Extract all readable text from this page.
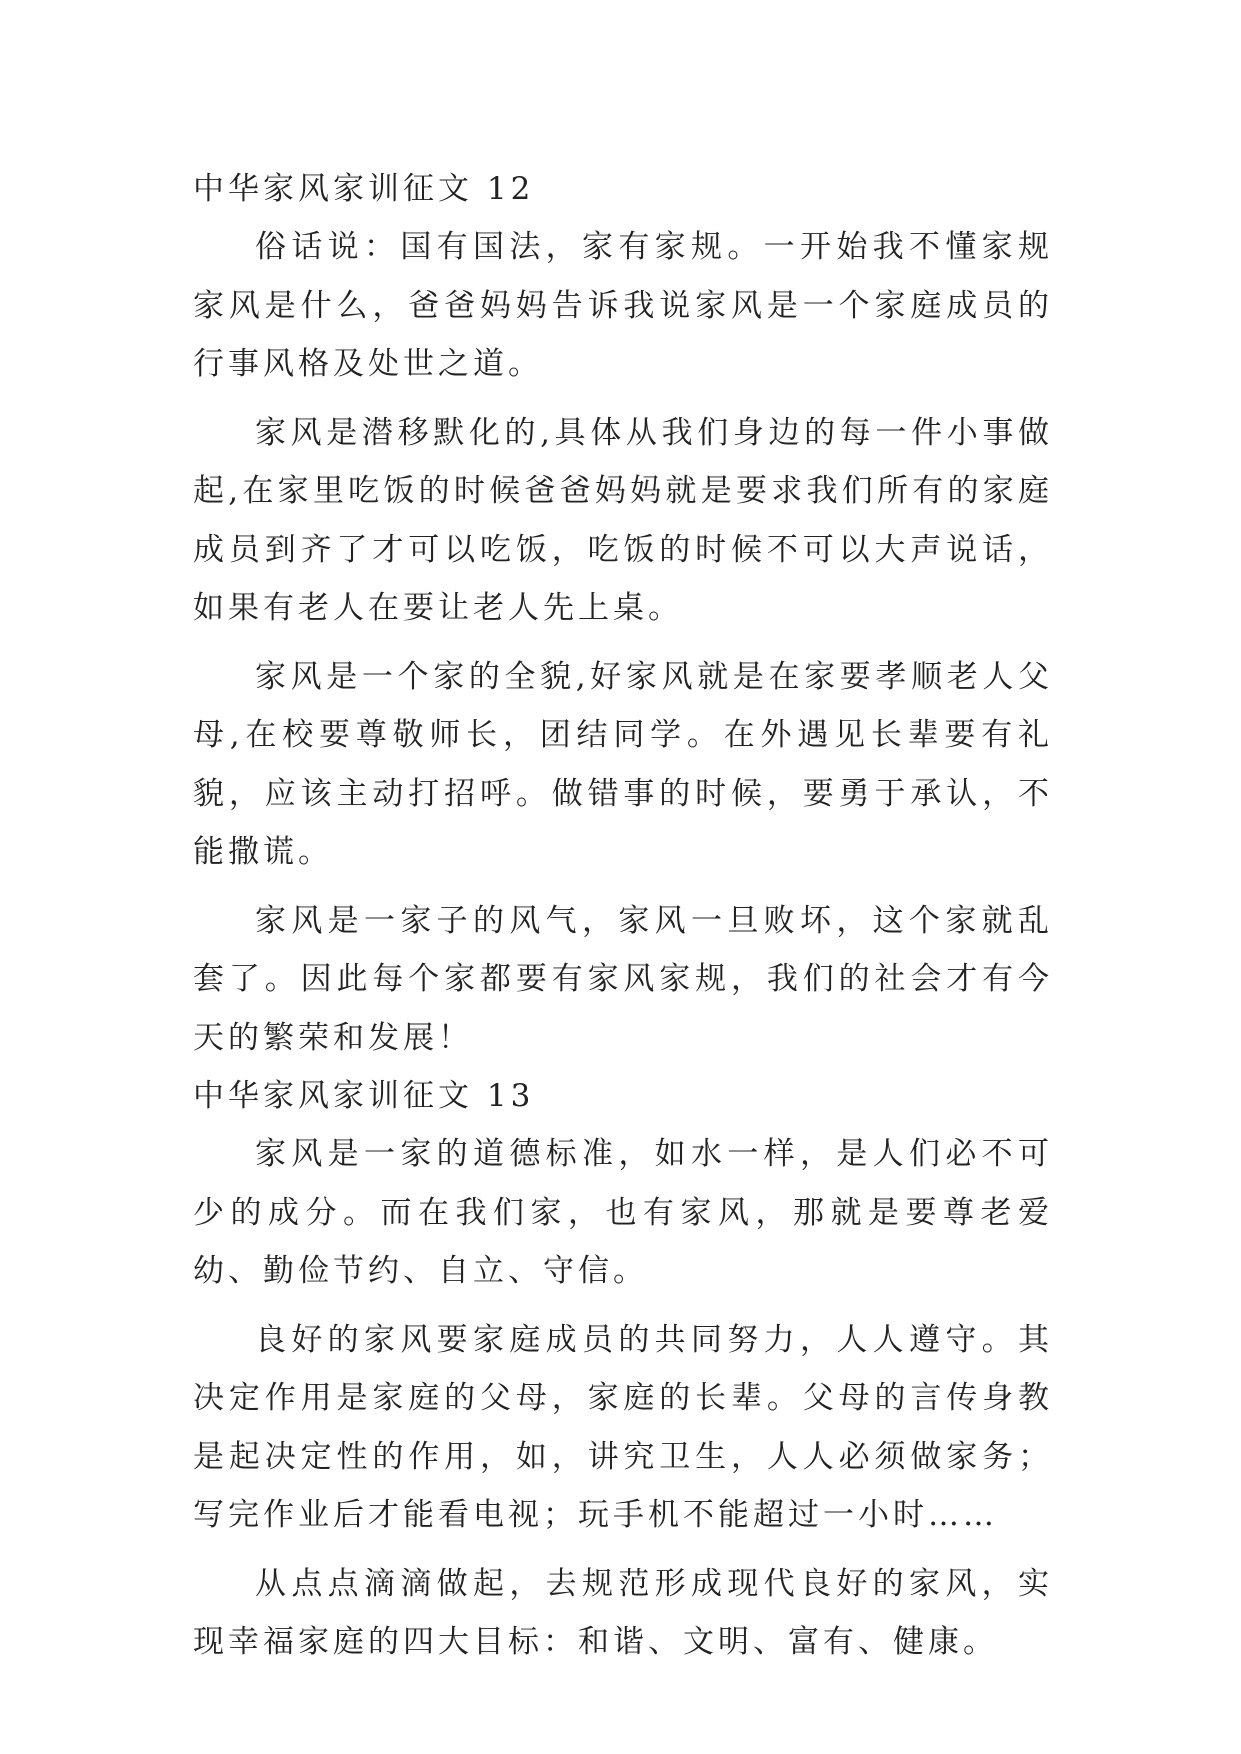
中华家风家训征文 12

俗话说：国有国法，家有家规。一开始我不懂家规家风是什么，爸爸妈妈告诉我说家风是一个家庭成员的行事风格及处世之道。

家风是潜移默化的,具体从我们身边的每一件小事做起,在家里吃饭的时候爸爸妈妈就是要求我们所有的家庭成员到齐了才可以吃饭，吃饭的时候不可以大声说话，如果有老人在要让老人先上桌。

家风是一个家的全貌,好家风就是在家要孝顺老人父母,在校要尊敬师长，团结同学。在外遇见长辈要有礼貌，应该主动打招呼。做错事的时候，要勇于承认，不能撒谎。

家风是一家子的风气，家风一旦败坏，这个家就乱套了。因此每个家都要有家风家规，我们的社会才有今天的繁荣和发展！

中华家风家训征文 13

家风是一家的道德标准，如水一样，是人们必不可少的成分。而在我们家，也有家风，那就是要尊老爱幼、勤俭节约、自立、守信。

良好的家风要家庭成员的共同努力，人人遵守。其决定作用是家庭的父母，家庭的长辈。父母的言传身教是起决定性的作用，如，讲究卫生，人人必须做家务；写完作业后才能看电视；玩手机不能超过一小时……

从点点滴滴做起，去规范形成现代良好的家风，实现幸福家庭的四大目标：和谐、文明、富有、健康。
